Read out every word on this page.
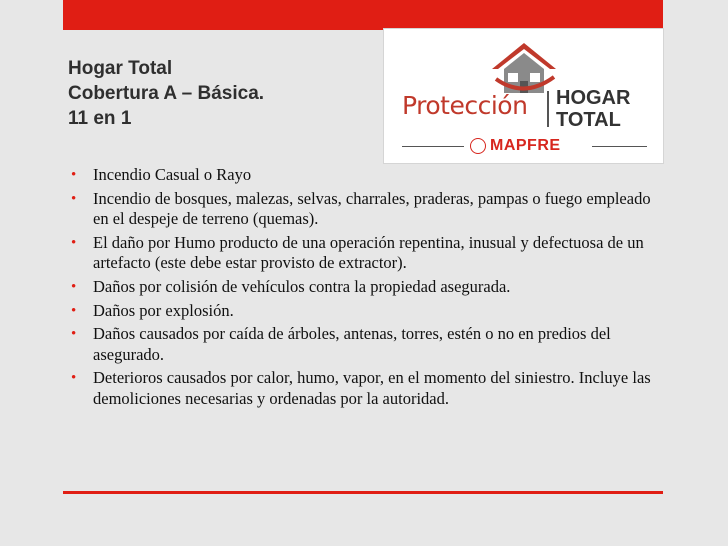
Hogar Total
Cobertura A – Básica.
11 en 1	Protección HOGAR
TOTAL
MAPFRE
• Incendio Casual o Rayo
• Incendio de bosques, malezas, selvas, charrales, praderas, pampas o fuego empleado en el despeje de terreno (quemas).
• El daño por Humo producto de una operación repentina, inusual y defectuosa de un artefacto (este debe estar provisto de extractor).
• Daños por colisión de vehículos contra la propiedad asegurada.
• Daños por explosión.
• Daños causados por caída de árboles, antenas, torres, estén o no en predios del asegurado.
• Deterioros causados por calor, humo, vapor, en el momento del siniestro. Incluye las demoliciones necesarias y ordenadas por la autoridad.
